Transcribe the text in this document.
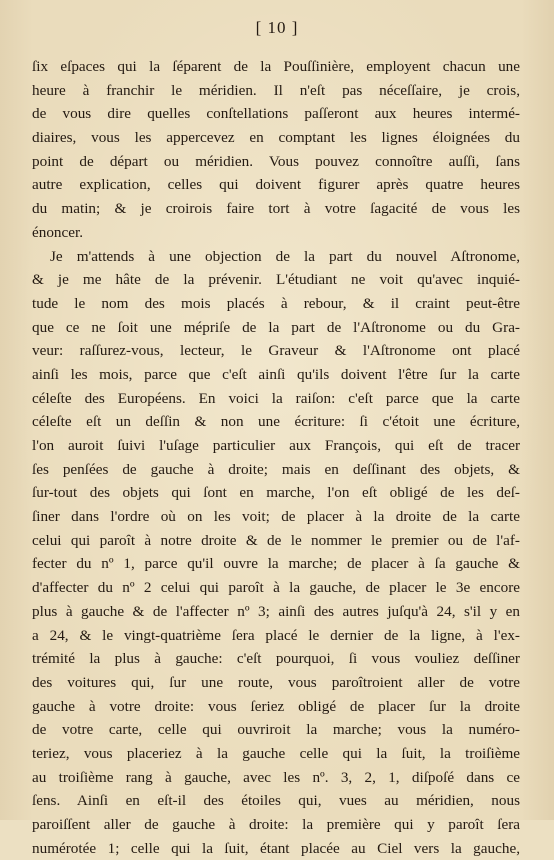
[ 10 ]

ſix eſpaces qui la ſéparent de la Pouſſinière, employent chacun une
heure à franchir le méridien. Il n'eſt pas néceſſaire, je crois,
de vous dire quelles conſtellations paſſeront aux heures intermé-
diaires, vous les appercevez en comptant les lignes éloignées du
point de départ ou méridien. Vous pouvez connoître auſſi, ſans
autre explication, celles qui doivent figurer après quatre heures
du matin; & je croirois faire tort à votre ſagacité de vous les
énoncer.
Je m'attends à une objection de la part du nouvel Aſtronome,
& je me hâte de la prévenir. L'étudiant ne voit qu'avec inquié-
tude le nom des mois placés à rebour, & il craint peut-être
que ce ne ſoit une mépriſe de la part de l'Aſtronome ou du Gra-
veur: raſſurez-vous, lecteur, le Graveur & l'Aſtronome ont placé
ainſi les mois, parce que c'eſt ainſi qu'ils doivent l'être ſur la carte
céleſte des Européens. En voici la raiſon: c'eſt parce que la carte
céleſte eſt un deſſin & non une écriture: ſi c'étoit une écriture,
l'on auroit ſuivi l'uſage particulier aux François, qui eſt de tracer
ſes penſées de gauche à droite; mais en deſſinant des objets, &
ſur-tout des objets qui ſont en marche, l'on eſt obligé de les deſ-
ſiner dans l'ordre où on les voit; de placer à la droite de la carte
celui qui paroît à notre droite & de le nommer le premier ou de l'af-
fecter du nº 1, parce qu'il ouvre la marche; de placer à ſa gauche &
d'affecter du nº 2 celui qui paroît à la gauche, de placer le 3e encore
plus à gauche & de l'affecter nº 3; ainſi des autres juſqu'à 24, s'il y en
a 24, & le vingt-quatrième ſera placé le dernier de la ligne, à l'ex-
trémité la plus à gauche: c'eſt pourquoi, ſi vous vouliez deſſiner
des voitures qui, ſur une route, vous paroîtroient aller de votre
gauche à votre droite: vous ſeriez obligé de placer ſur la droite
de votre carte, celle qui ouvriroit la marche; vous la numéro-
teriez, vous placeriez à la gauche celle qui la ſuit, la troiſième
au troiſième rang à gauche, avec les nº. 3, 2, 1, diſpoſé dans ce
ſens. Ainſi en eſt-il des étoiles qui, vues au méridien, nous
paroiſſent aller de gauche à droite: la première qui y paroît ſera
numérotée 1; celle qui la ſuit, étant placée au Ciel vers la gauche,
